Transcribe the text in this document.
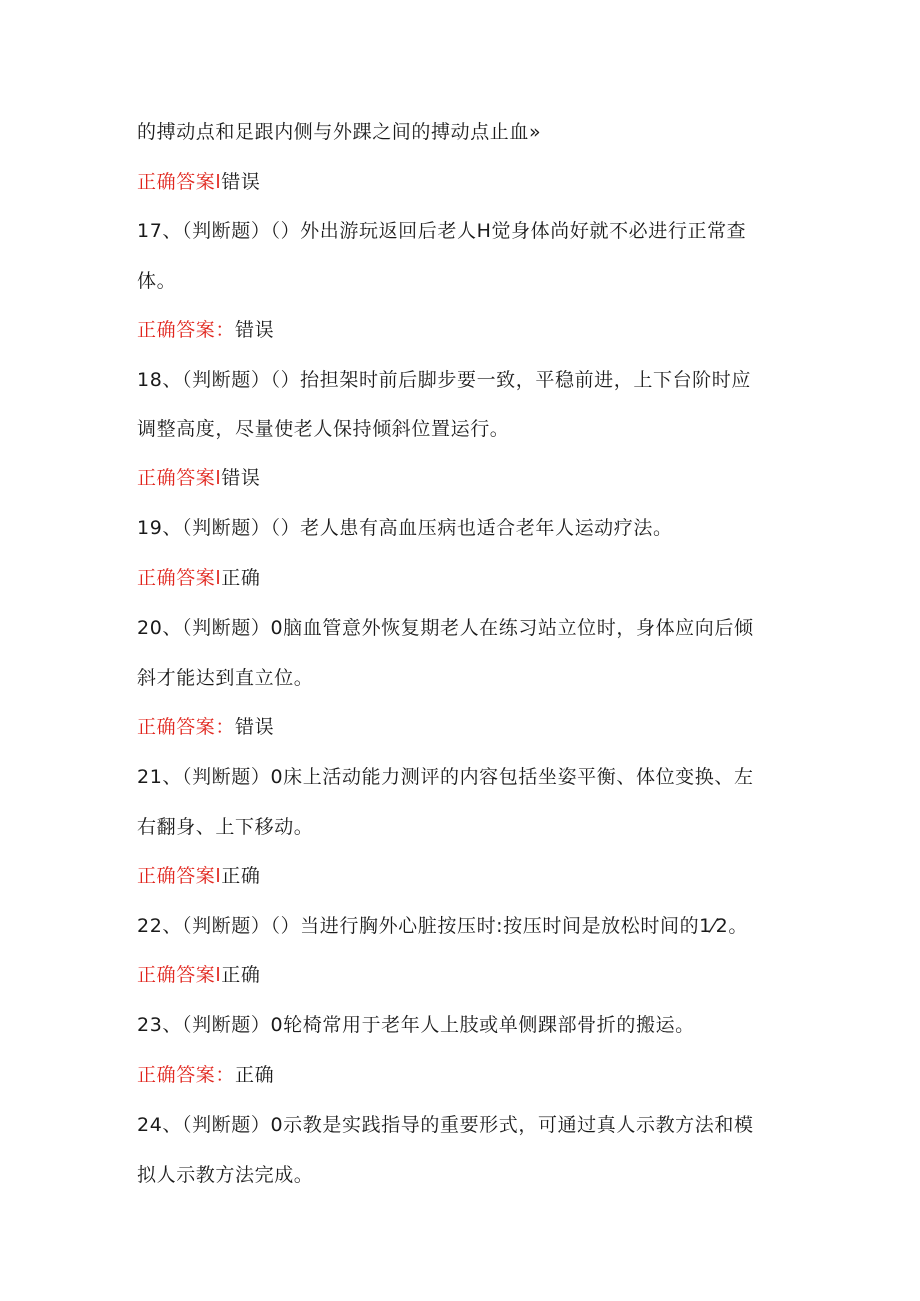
的搏动点和足跟内侧与外踝之间的搏动点止血»
正确答案l错误
17、（判断题）（）外出游玩返回后老人H觉身体尚好就不必进行正常查
体。
正确答案：错误
18、（判断题）（）抬担架时前后脚步要一致，平稳前进，上下台阶时应
调整高度，尽量使老人保持倾斜位置运行。
正确答案l错误
19、（判断题）（）老人患有高血压病也适合老年人运动疗法。
正确答案l正确
20、（判断题）0脑血管意外恢复期老人在练习站立位时，身体应向后倾
斜才能达到直立位。
正确答案：错误
21、（判断题）0床上活动能力测评的内容包括坐姿平衡、体位变换、左
右翻身、上下移动。
正确答案l正确
22、（判断题）（）当进行胸外心脏按压时:按压时间是放松时间的1⁄2。
正确答案l正确
23、（判断题）0轮椅常用于老年人上肢或单侧踝部骨折的搬运。
正确答案：正确
24、（判断题）0示教是实践指导的重要形式，可通过真人示教方法和模
拟人示教方法完成。
